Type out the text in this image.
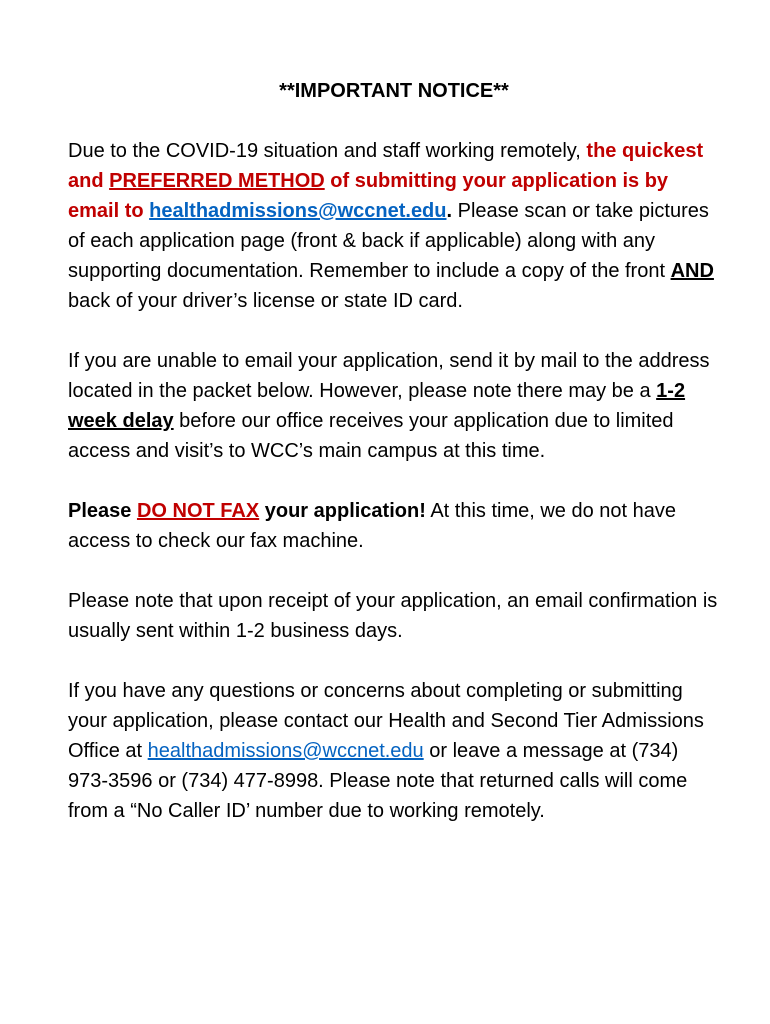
**IMPORTANT NOTICE**

Due to the COVID-19 situation and staff working remotely, the quickest and PREFERRED METHOD of submitting your application is by email to healthadmissions@wccnet.edu. Please scan or take pictures of each application page (front & back if applicable) along with any supporting documentation. Remember to include a copy of the front AND back of your driver’s license or state ID card.

If you are unable to email your application, send it by mail to the address located in the packet below. However, please note there may be a 1-2 week delay before our office receives your application due to limited access and visit’s to WCC’s main campus at this time.

Please DO NOT FAX your application! At this time, we do not have access to check our fax machine.

Please note that upon receipt of your application, an email confirmation is usually sent within 1-2 business days.

If you have any questions or concerns about completing or submitting your application, please contact our Health and Second Tier Admissions Office at healthadmissions@wccnet.edu or leave a message at (734) 973-3596 or (734) 477-8998. Please note that returned calls will come from a “No Caller ID’ number due to working remotely.
